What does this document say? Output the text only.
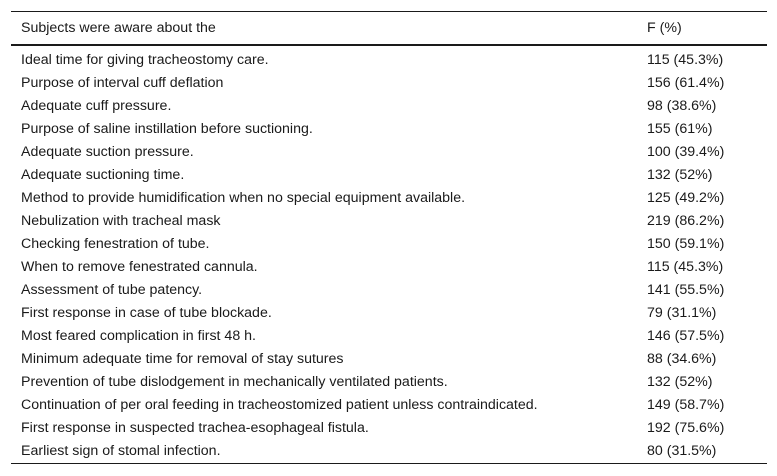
Subjects were aware about the	F (%)
Ideal time for giving tracheostomy care.	115 (45.3%)
Purpose of interval cuff deflation	156 (61.4%)
Adequate cuff pressure.	98 (38.6%)
Purpose of saline instillation before suctioning.	155 (61%)
Adequate suction pressure.	100 (39.4%)
Adequate suctioning time.	132 (52%)
Method to provide humidification when no special equipment available.	125 (49.2%)
Nebulization with tracheal mask	219 (86.2%)
Checking fenestration of tube.	150 (59.1%)
When to remove fenestrated cannula.	115 (45.3%)
Assessment of tube patency.	141 (55.5%)
First response in case of tube blockade.	79 (31.1%)
Most feared complication in first 48 h.	146 (57.5%)
Minimum adequate time for removal of stay sutures	88 (34.6%)
Prevention of tube dislodgement in mechanically ventilated patients.	132 (52%)
Continuation of per oral feeding in tracheostomized patient unless contraindicated.	149 (58.7%)
First response in suspected trachea-esophageal fistula.	192 (75.6%)
Earliest sign of stomal infection.	80 (31.5%)
